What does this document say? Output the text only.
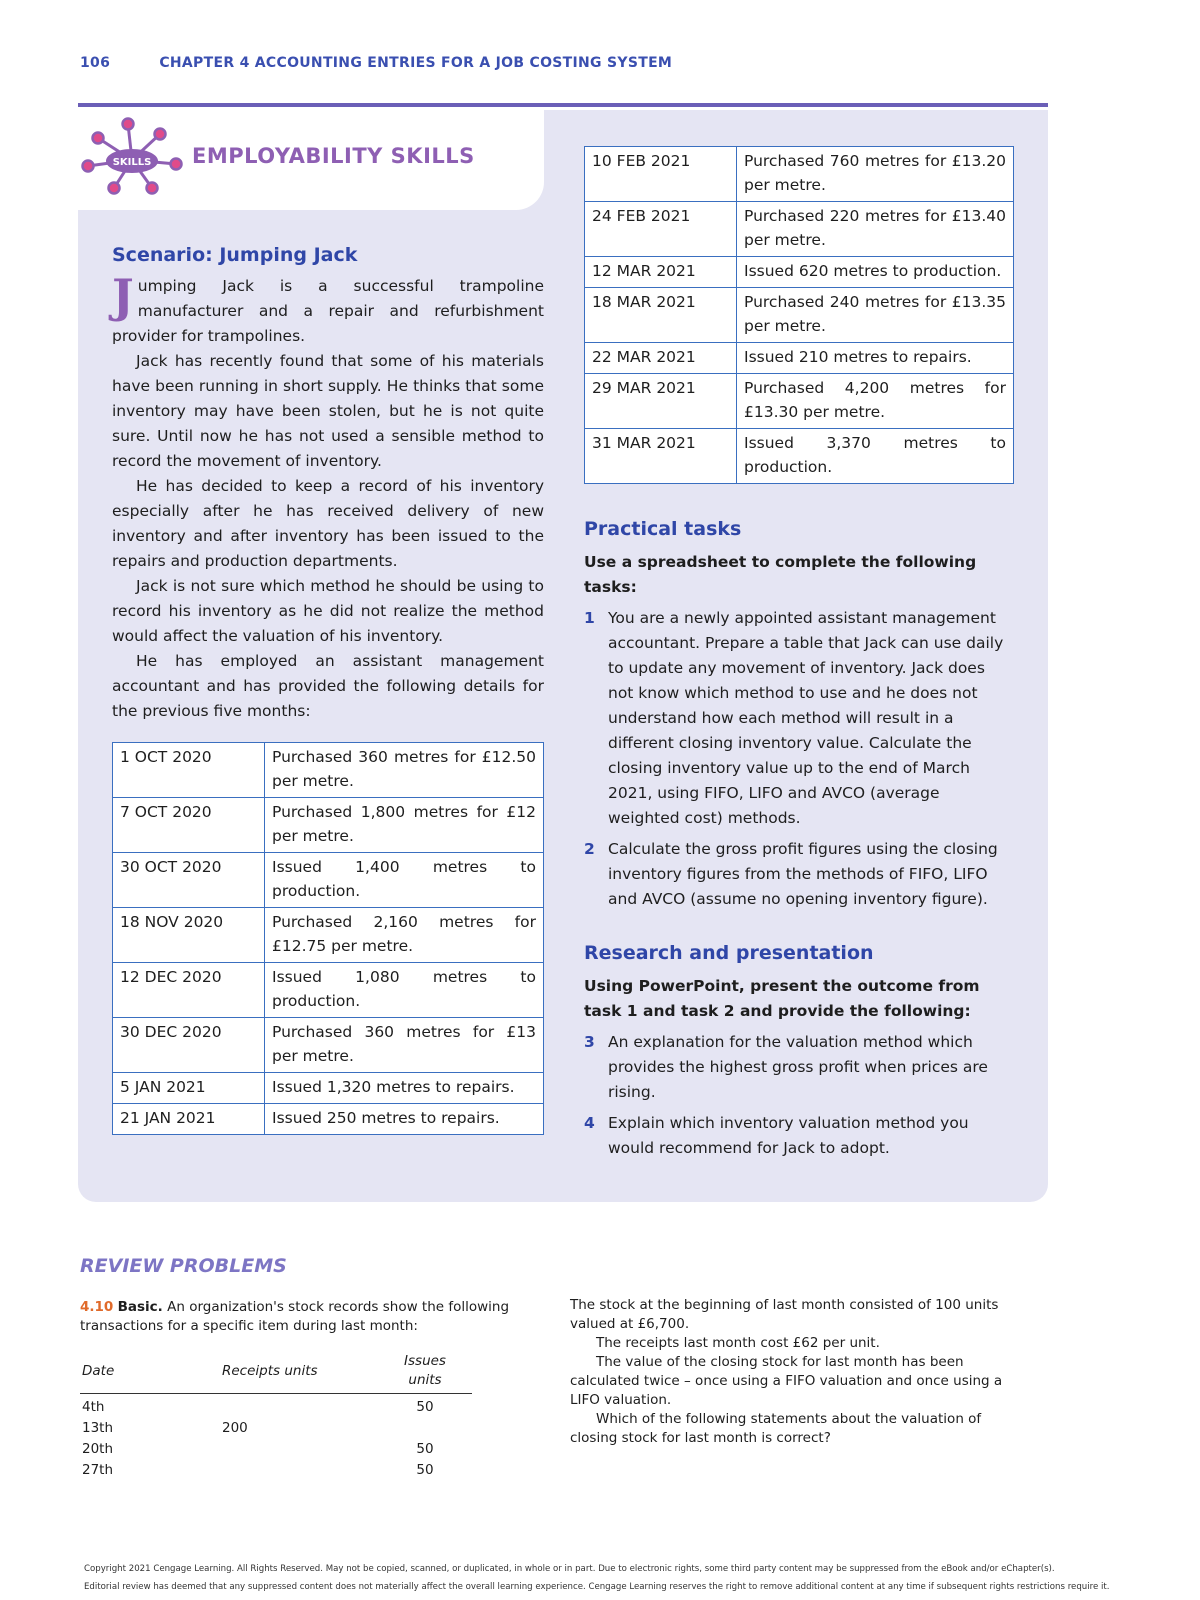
106	CHAPTER 4 ACCOUNTING ENTRIES FOR A JOB COSTING SYSTEM
SKILLS EMPLOYABILITY SKILLS
Scenario: Jumping Jack

Jumping Jack is a successful trampoline manufacturer and a repair and refurbishment provider for trampolines.

Jack has recently found that some of his materials have been running in short supply. He thinks that some inventory may have been stolen, but he is not quite sure. Until now he has not used a sensible method to record the movement of inventory.

He has decided to keep a record of his inventory especially after he has received delivery of new inventory and after inventory has been issued to the repairs and production departments.

Jack is not sure which method he should be using to record his inventory as he did not realize the method would affect the valuation of his inventory.

He has employed an assistant management accountant and has provided the following details for the previous five months:

1 OCT 2020	Purchased 360 metres for £12.50 per metre.
7 OCT 2020	Purchased 1,800 metres for £12 per metre.
30 OCT 2020	Issued 1,400 metres to production.
18 NOV 2020	Purchased 2,160 metres for £12.75 per metre.
12 DEC 2020	Issued 1,080 metres to production.
30 DEC 2020	Purchased 360 metres for £13 per metre.
5 JAN 2021	Issued 1,320 metres to repairs.
21 JAN 2021	Issued 250 metres to repairs.
10 FEB 2021	Purchased 760 metres for £13.20 per metre.
24 FEB 2021	Purchased 220 metres for £13.40 per metre.
12 MAR 2021	Issued 620 metres to production.
18 MAR 2021	Purchased 240 metres for £13.35 per metre.
22 MAR 2021	Issued 210 metres to repairs.
29 MAR 2021	Purchased 4,200 metres for £13.30 per metre.
31 MAR 2021	Issued 3,370 metres to production.
Practical tasks

Use a spreadsheet to complete the following tasks:

1 You are a newly appointed assistant management accountant. Prepare a table that Jack can use daily to update any movement of inventory. Jack does not know which method to use and he does not understand how each method will result in a different closing inventory value. Calculate the closing inventory value up to the end of March 2021, using FIFO, LIFO and AVCO (average weighted cost) methods.
2 Calculate the gross profit figures using the closing inventory figures from the methods of FIFO, LIFO and AVCO (assume no opening inventory figure).
Research and presentation

Using PowerPoint, present the outcome from task 1 and task 2 and provide the following:

3 An explanation for the valuation method which provides the highest gross profit when prices are rising.
4 Explain which inventory valuation method you would recommend for Jack to adopt.
REVIEW PROBLEMS
4.10 Basic. An organization's stock records show the following transactions for a specific item during last month:
Date	Receipts units	Issues units
4th		50
13th	200	
20th		50
27th		50

The stock at the beginning of last month consisted of 100 units valued at £6,700.

The receipts last month cost £62 per unit.

The value of the closing stock for last month has been calculated twice – once using a FIFO valuation and once using a LIFO valuation.

Which of the following statements about the valuation of closing stock for last month is correct?

Copyright 2021 Cengage Learning. All Rights Reserved. May not be copied, scanned, or duplicated, in whole or in part. Due to electronic rights, some third party content may be suppressed from the eBook and/or eChapter(s).
Editorial review has deemed that any suppressed content does not materially affect the overall learning experience. Cengage Learning reserves the right to remove additional content at any time if subsequent rights restrictions require it.
